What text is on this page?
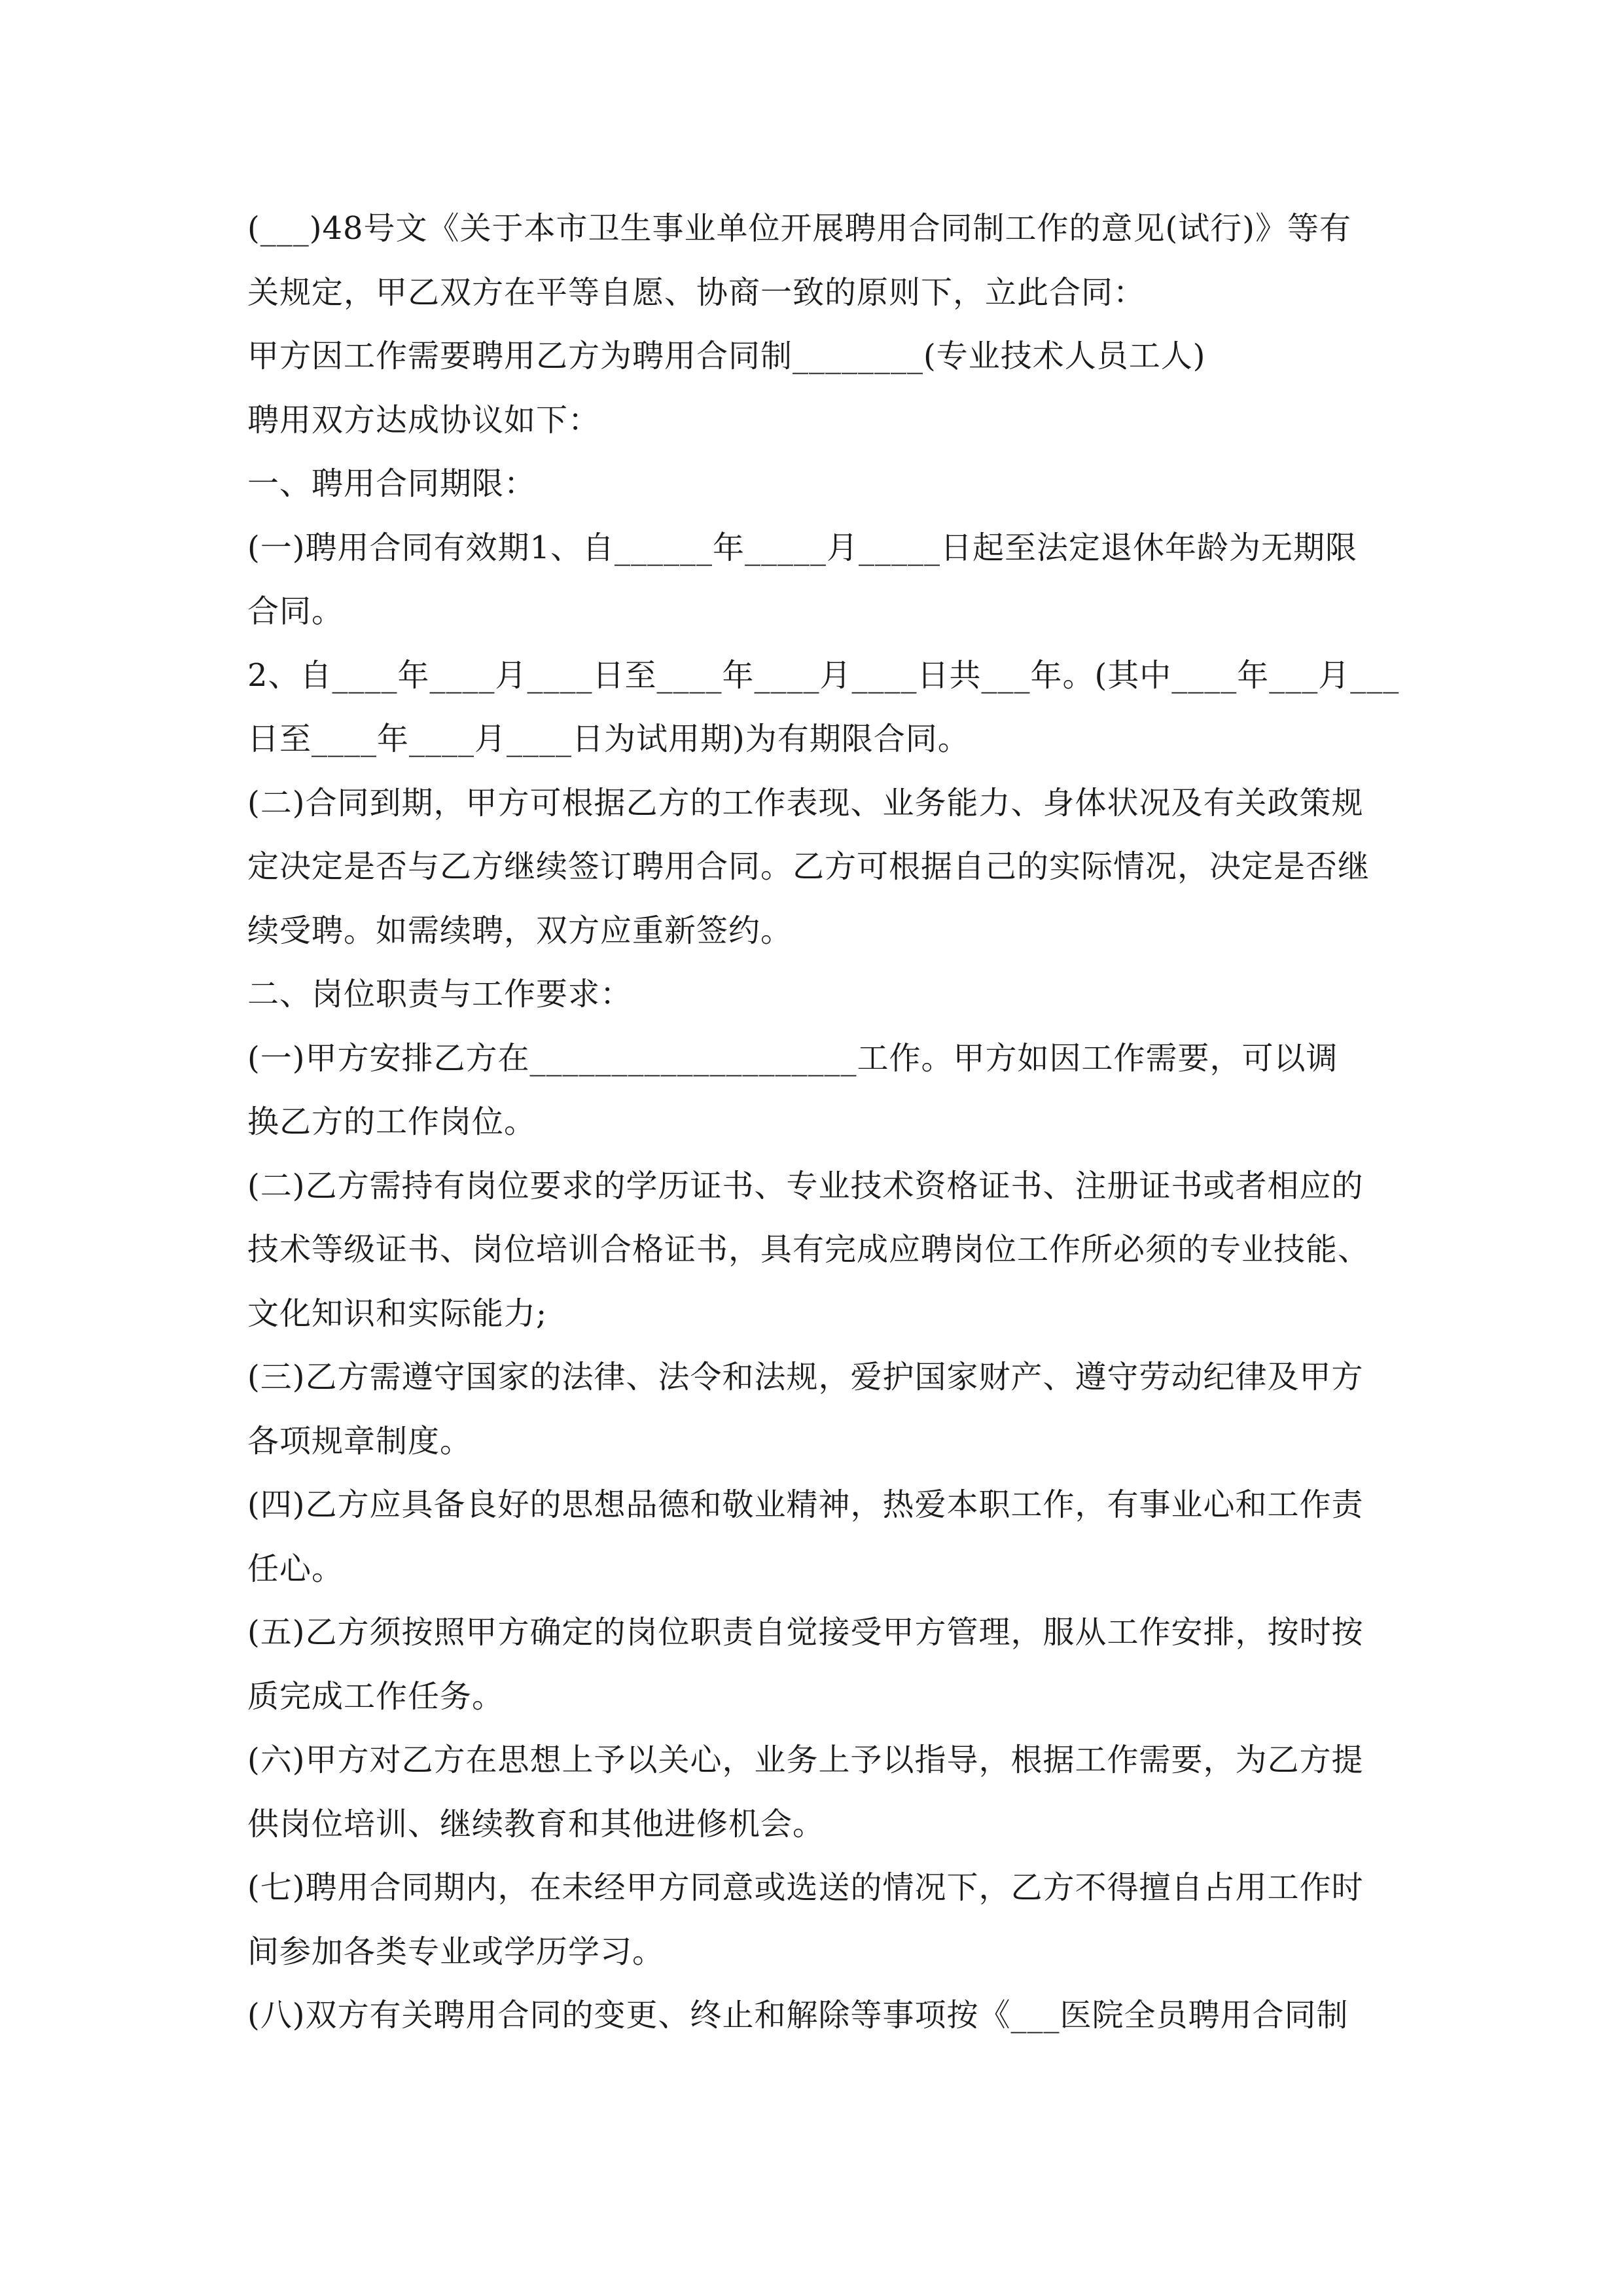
(___)48号文《关于本市卫生事业单位开展聘用合同制工作的意见(试行)》等有
关规定，甲乙双方在平等自愿、协商一致的原则下，立此合同：
甲方因工作需要聘用乙方为聘用合同制________(专业技术人员工人)
聘用双方达成协议如下：
一、聘用合同期限：
(一)聘用合同有效期1、自______年_____月_____日起至法定退休年龄为无期限
合同。
2、自____年____月____日至____年____月____日共___年。(其中____年___月___
日至____年____月____日为试用期)为有期限合同。
(二)合同到期，甲方可根据乙方的工作表现、业务能力、身体状况及有关政策规
定决定是否与乙方继续签订聘用合同。乙方可根据自己的实际情况，决定是否继
续受聘。如需续聘，双方应重新签约。
二、岗位职责与工作要求：
(一)甲方安排乙方在____________________工作。甲方如因工作需要，可以调
换乙方的工作岗位。
(二)乙方需持有岗位要求的学历证书、专业技术资格证书、注册证书或者相应的
技术等级证书、岗位培训合格证书，具有完成应聘岗位工作所必须的专业技能、
文化知识和实际能力;
(三)乙方需遵守国家的法律、法令和法规，爱护国家财产、遵守劳动纪律及甲方
各项规章制度。
(四)乙方应具备良好的思想品德和敬业精神，热爱本职工作，有事业心和工作责
任心。
(五)乙方须按照甲方确定的岗位职责自觉接受甲方管理，服从工作安排，按时按
质完成工作任务。
(六)甲方对乙方在思想上予以关心，业务上予以指导，根据工作需要，为乙方提
供岗位培训、继续教育和其他进修机会。
(七)聘用合同期内，在未经甲方同意或选送的情况下，乙方不得擅自占用工作时
间参加各类专业或学历学习。
(八)双方有关聘用合同的变更、终止和解除等事项按《___医院全员聘用合同制
